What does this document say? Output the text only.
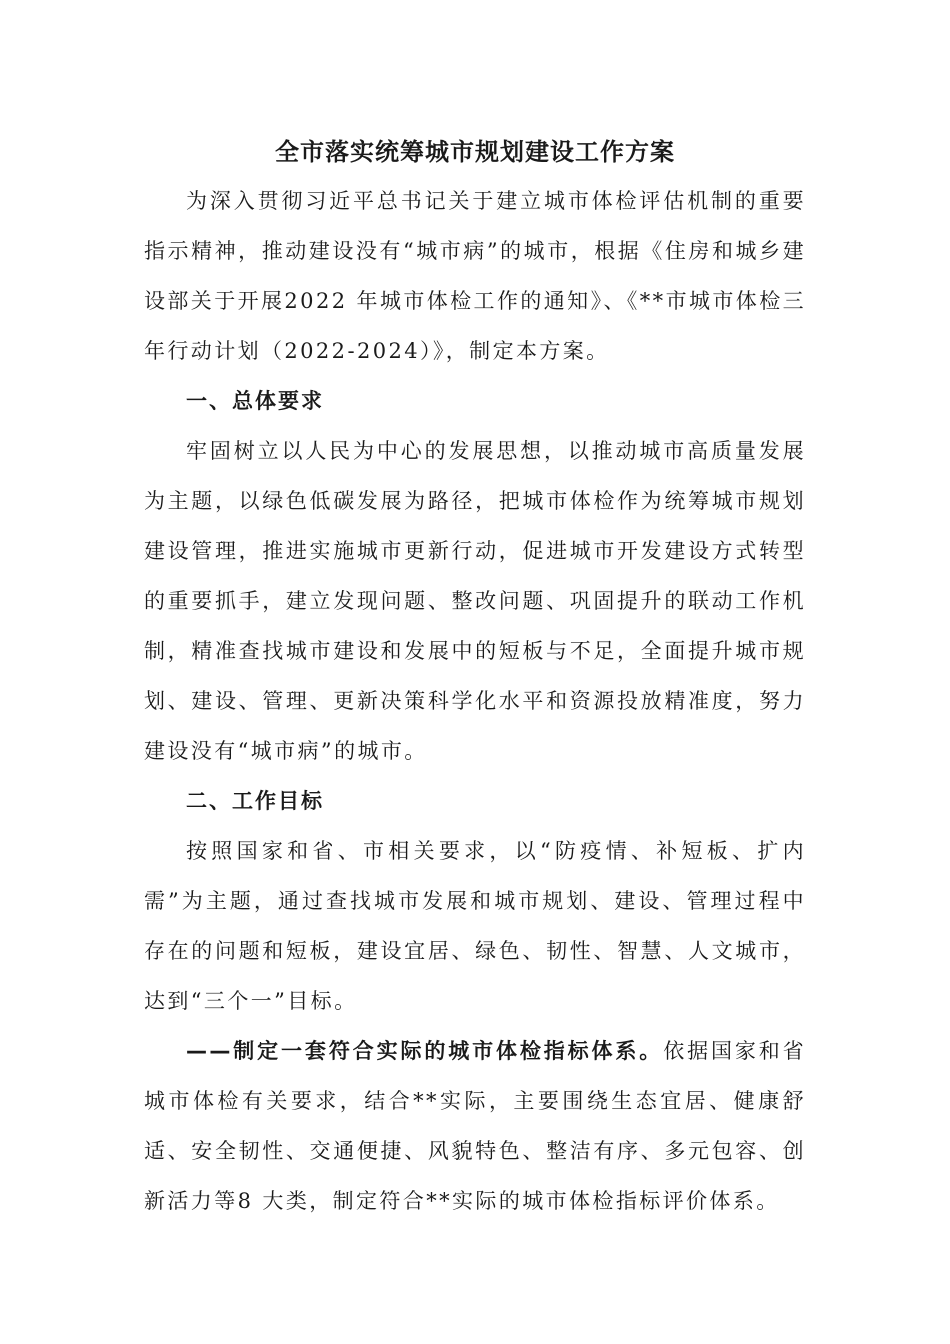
全市落实统筹城市规划建设工作方案

为深入贯彻习近平总书记关于建立城市体检评估机制的重要指示精神，推动建设没有“城市病”的城市，根据《住房和城乡建设部关于开展2022 年城市体检工作的通知》、《**市城市体检三年行动计划（2022-2024）》，制定本方案。

一、总体要求

牢固树立以人民为中心的发展思想，以推动城市高质量发展为主题，以绿色低碳发展为路径，把城市体检作为统筹城市规划建设管理，推进实施城市更新行动，促进城市开发建设方式转型的重要抓手，建立发现问题、整改问题、巩固提升的联动工作机制，精准查找城市建设和发展中的短板与不足，全面提升城市规划、建设、管理、更新决策科学化水平和资源投放精准度，努力建设没有“城市病”的城市。

二、工作目标

按照国家和省、市相关要求，以“防疫情、补短板、扩内需”为主题，通过查找城市发展和城市规划、建设、管理过程中存在的问题和短板，建设宜居、绿色、韧性、智慧、人文城市，达到“三个一”目标。

——制定一套符合实际的城市体检指标体系。依据国家和省城市体检有关要求，结合**实际，主要围绕生态宜居、健康舒适、安全韧性、交通便捷、风貌特色、整洁有序、多元包容、创新活力等8 大类，制定符合**实际的城市体检指标评价体系。
